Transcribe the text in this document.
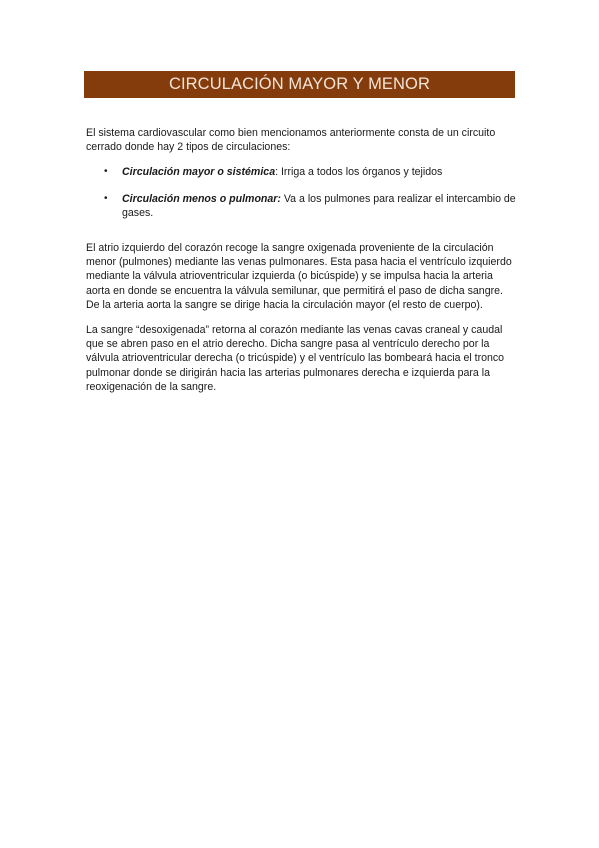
CIRCULACIÓN MAYOR Y MENOR

El sistema cardiovascular como bien mencionamos anteriormente consta de un circuito cerrado donde hay 2 tipos de circulaciones:

• Circulación mayor o sistémica: Irriga a todos los órganos y tejidos
• Circulación menos o pulmonar: Va a los pulmones para realizar el intercambio de gases.

El atrio izquierdo del corazón recoge la sangre oxigenada proveniente de la circulación menor (pulmones) mediante las venas pulmonares. Esta pasa hacia el ventrículo izquierdo mediante la válvula atrioventricular izquierda (o bicúspide) y se impulsa hacia la arteria aorta en donde se encuentra la válvula semilunar, que permitirá el paso de dicha sangre. De la arteria aorta la sangre se dirige hacia la circulación mayor (el resto de cuerpo).

La sangre “desoxigenada” retorna al corazón mediante las venas cavas craneal y caudal que se abren paso en el atrio derecho. Dicha sangre pasa al ventrículo derecho por la válvula atrioventricular derecha (o tricúspide) y el ventrículo las bombeará hacia el tronco pulmonar donde se dirigirán hacia las arterias pulmonares derecha e izquierda para la reoxigenación de la sangre.
